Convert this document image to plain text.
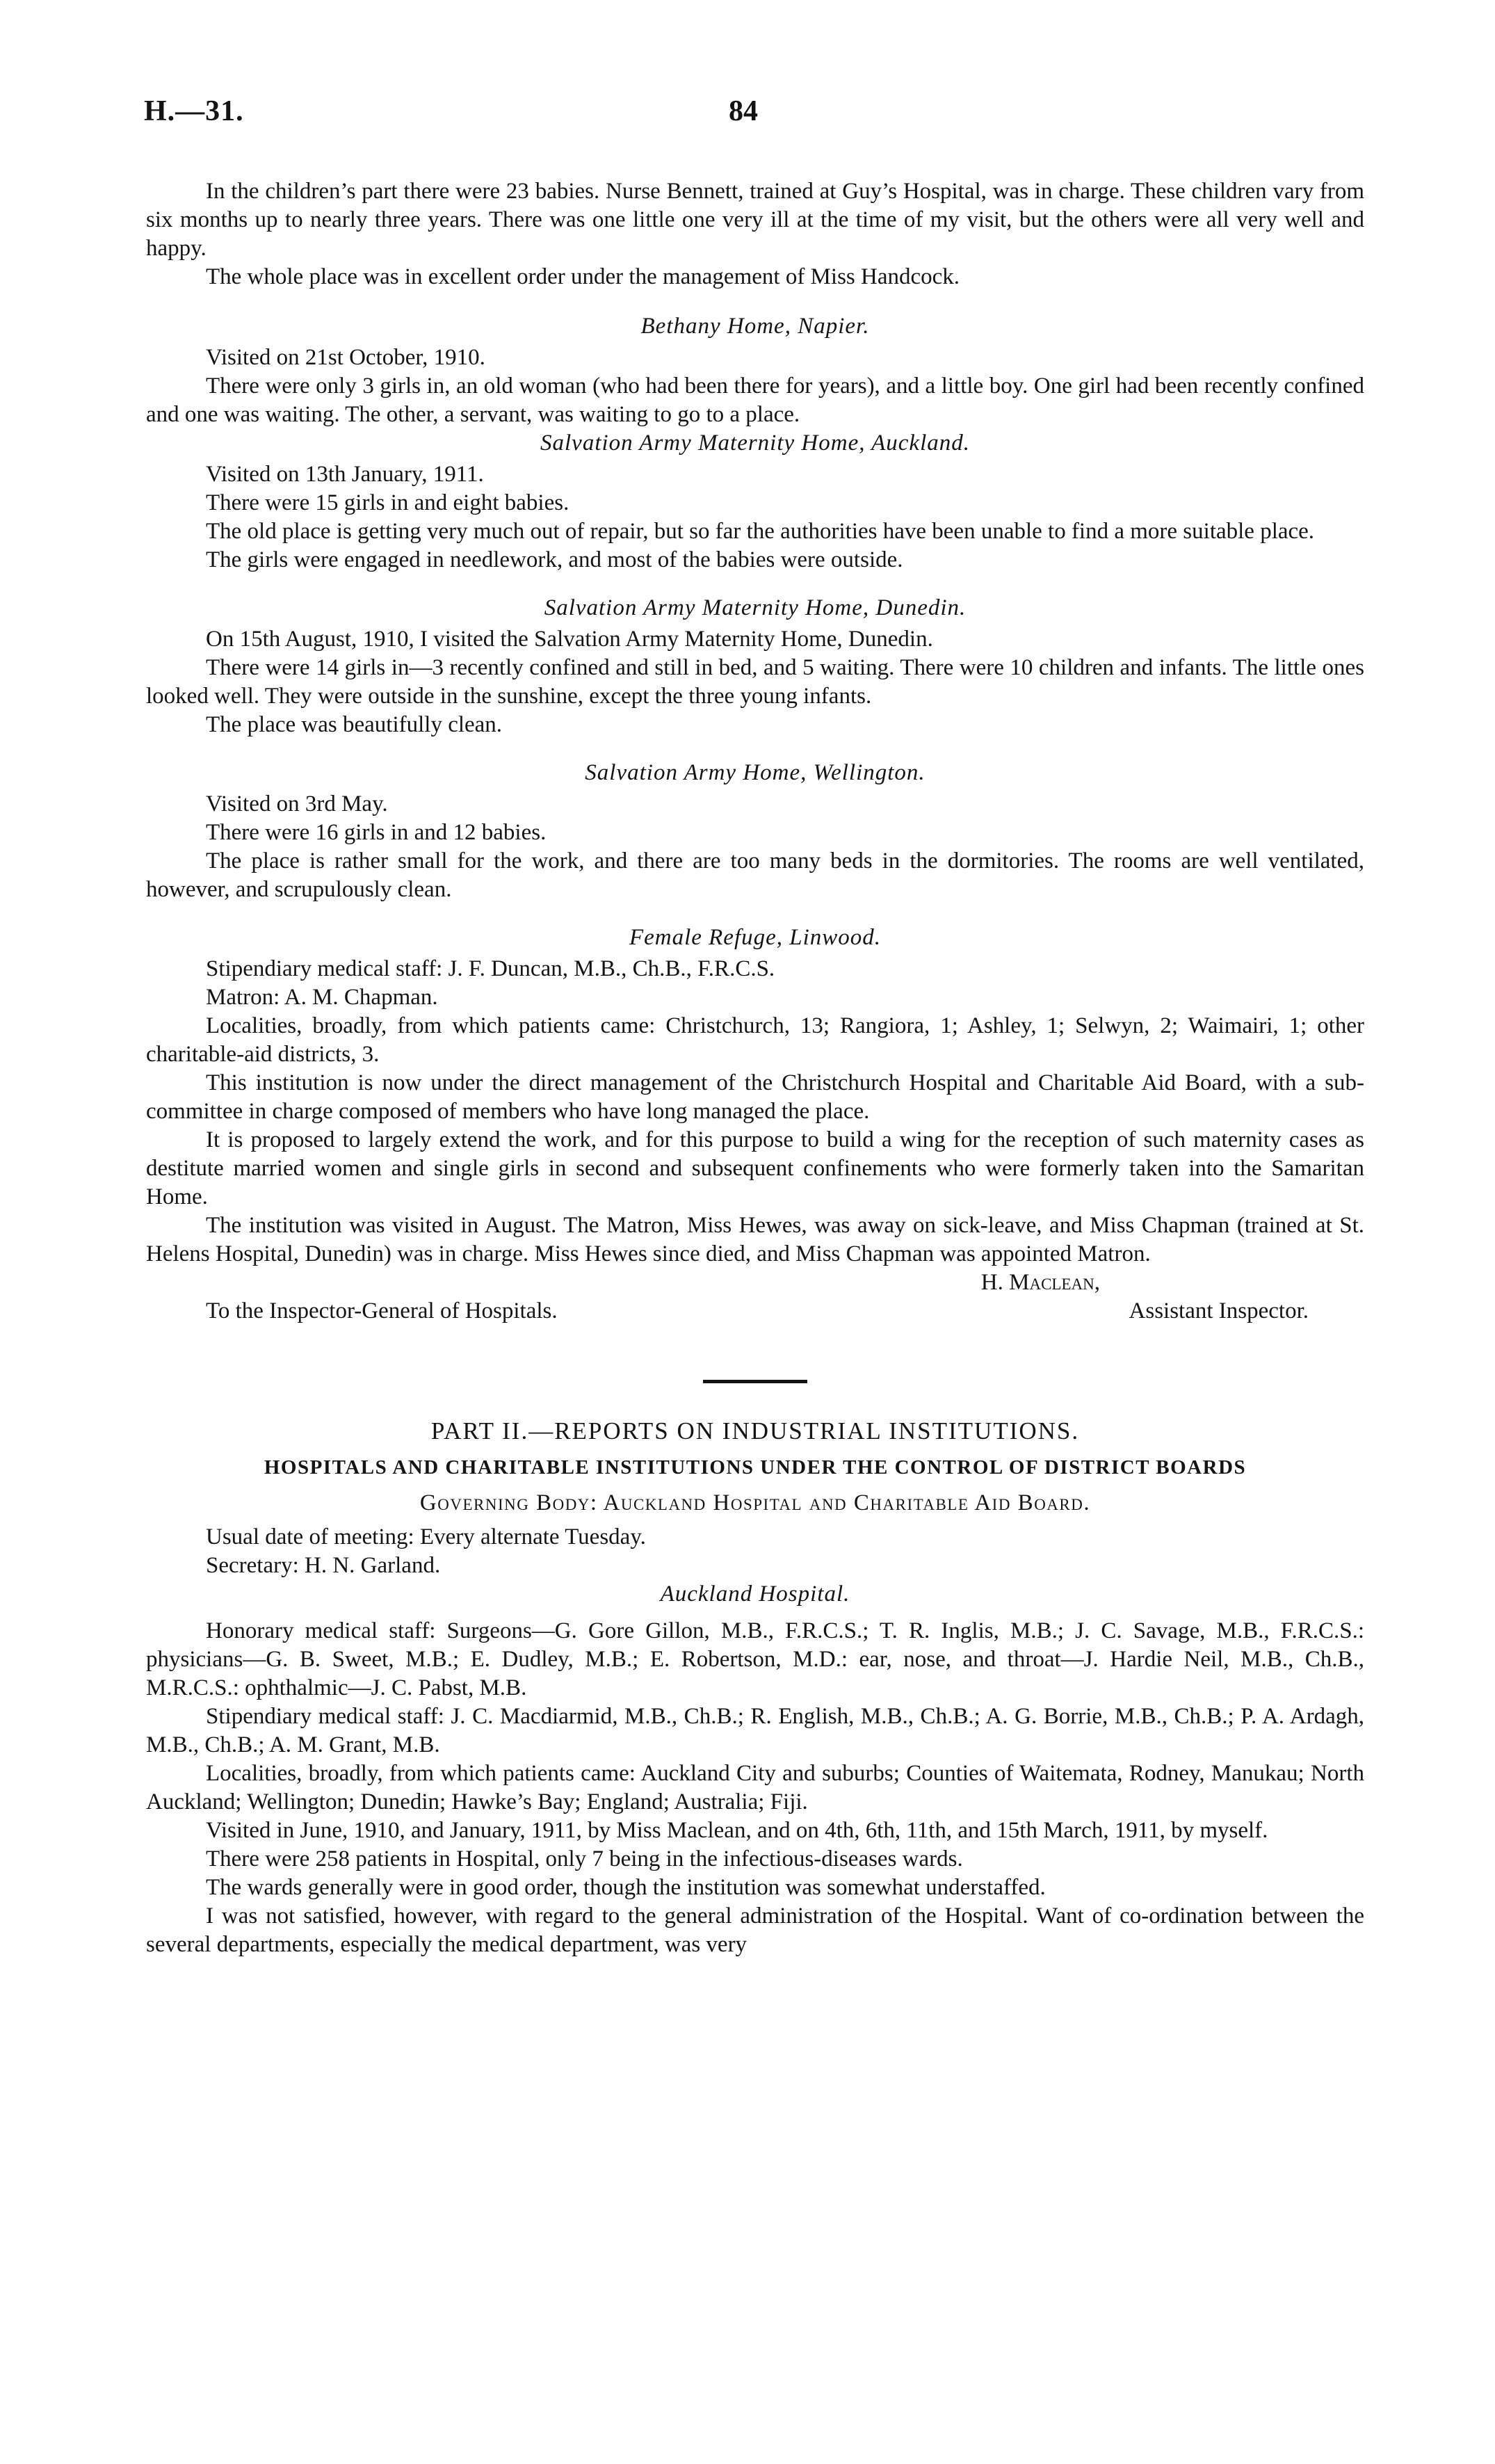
H.—31.	84

In the children’s part there were 23 babies. Nurse Bennett, trained at Guy’s Hospital, was in charge. These children vary from six months up to nearly three years. There was one little one very ill at the time of my visit, but the others were all very well and happy.

The whole place was in excellent order under the management of Miss Handcock.

Bethany Home, Napier.

Visited on 21st October, 1910.

There were only 3 girls in, an old woman (who had been there for years), and a little boy. One girl had been recently confined and one was waiting. The other, a servant, was waiting to go to a place.

Salvation Army Maternity Home, Auckland.

Visited on 13th January, 1911.

There were 15 girls in and eight babies.

The old place is getting very much out of repair, but so far the authorities have been unable to find a more suitable place.

The girls were engaged in needlework, and most of the babies were outside.

Salvation Army Maternity Home, Dunedin.

On 15th August, 1910, I visited the Salvation Army Maternity Home, Dunedin.

There were 14 girls in—3 recently confined and still in bed, and 5 waiting. There were 10 children and infants. The little ones looked well. They were outside in the sunshine, except the three young infants.

The place was beautifully clean.

Salvation Army Home, Wellington.

Visited on 3rd May.

There were 16 girls in and 12 babies.

The place is rather small for the work, and there are too many beds in the dormitories. The rooms are well ventilated, however, and scrupulously clean.

Female Refuge, Linwood.

Stipendiary medical staff: J. F. Duncan, M.B., Ch.B., F.R.C.S.

Matron: A. M. Chapman.

Localities, broadly, from which patients came: Christchurch, 13; Rangiora, 1; Ashley, 1; Selwyn, 2; Waimairi, 1; other charitable-aid districts, 3.

This institution is now under the direct management of the Christchurch Hospital and Charitable Aid Board, with a sub-committee in charge composed of members who have long managed the place.

It is proposed to largely extend the work, and for this purpose to build a wing for the reception of such maternity cases as destitute married women and single girls in second and subsequent confinements who were formerly taken into the Samaritan Home.

The institution was visited in August. The Matron, Miss Hewes, was away on sick-leave, and Miss Chapman (trained at St. Helens Hospital, Dunedin) was in charge. Miss Hewes since died, and Miss Chapman was appointed Matron.

H. Maclean,

To the Inspector-General of Hospitals.	Assistant Inspector.
PART II.—REPORTS ON INDUSTRIAL INSTITUTIONS.
HOSPITALS AND CHARITABLE INSTITUTIONS UNDER THE CONTROL OF DISTRICT BOARDS
Governing Body: Auckland Hospital and Charitable Aid Board.

Usual date of meeting: Every alternate Tuesday.

Secretary: H. N. Garland.

Auckland Hospital.

Honorary medical staff: Surgeons—G. Gore Gillon, M.B., F.R.C.S.; T. R. Inglis, M.B.; J. C. Savage, M.B., F.R.C.S.: physicians—G. B. Sweet, M.B.; E. Dudley, M.B.; E. Robertson, M.D.: ear, nose, and throat—J. Hardie Neil, M.B., Ch.B., M.R.C.S.: ophthalmic—J. C. Pabst, M.B.

Stipendiary medical staff: J. C. Macdiarmid, M.B., Ch.B.; R. English, M.B., Ch.B.; A. G. Borrie, M.B., Ch.B.; P. A. Ardagh, M.B., Ch.B.; A. M. Grant, M.B.

Localities, broadly, from which patients came: Auckland City and suburbs; Counties of Waitemata, Rodney, Manukau; North Auckland; Wellington; Dunedin; Hawke’s Bay; England; Australia; Fiji.

Visited in June, 1910, and January, 1911, by Miss Maclean, and on 4th, 6th, 11th, and 15th March, 1911, by myself.

There were 258 patients in Hospital, only 7 being in the infectious-diseases wards.

The wards generally were in good order, though the institution was somewhat understaffed.

I was not satisfied, however, with regard to the general administration of the Hospital. Want of co-ordination between the several departments, especially the medical department, was very
